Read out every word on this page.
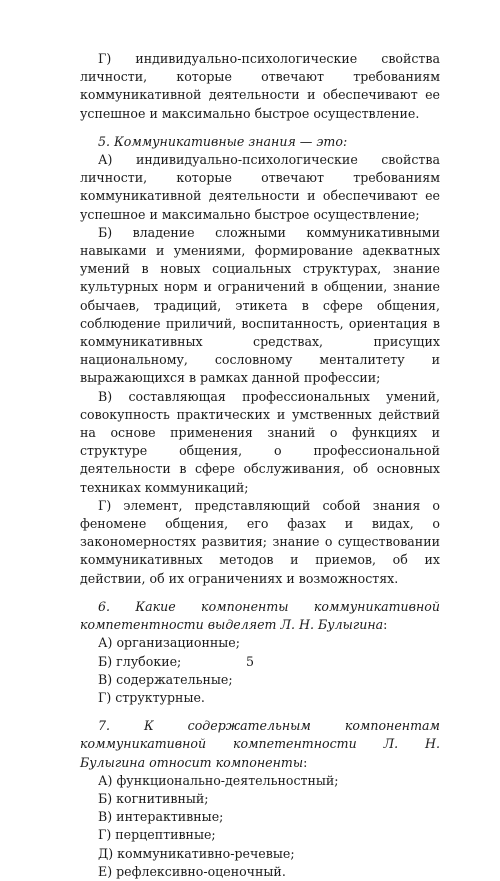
Г) индивидуально-психологические свойства личности, которые отвечают требованиям коммуникативной деятельности и обеспечивают ее успешное и максимально быстрое осуществление.

5. Коммуникативные знания — это:

А) индивидуально-психологические свойства личности, которые отвечают требованиям коммуникативной деятельности и обеспечивают ее успешное и максимально быстрое осуществление;

Б) владение сложными коммуникативными навыками и умениями, формирование адекватных умений в новых социальных структурах, знание культурных норм и ограничений в общении, знание обычаев, традиций, этикета в сфере общения, соблюдение приличий, воспитанность, ориентация в коммуникативных средствах, присущих национальному, сословному менталитету и выражающихся в рамках данной профессии;

В) составляющая профессиональных умений, совокупность практических и умственных действий на основе применения знаний о функциях и структуре общения, о профессиональной деятельности в сфере обслуживания, об основных техниках коммуникаций;

Г) элемент, представляющий собой знания о феномене общения, его фазах и видах, о закономерностях развития; знание о существовании коммуникативных методов и приемов, об их действии, об их ограничениях и возможностях.

6. Какие компоненты коммуникативной компетентности выделяет Л. Н. Булыгина:

А) организационные;

Б) глубокие;

В) содержательные;

Г) структурные.

7. К содержательным компонентам коммуникативной компетентности Л. Н. Булыгина относит компоненты:

А) функционально-деятельностный;

Б) когнитивный;

В) интерактивные;

Г) перцептивные;

Д) коммуникативно-речевые;

Е) рефлексивно-оценочный.

5
